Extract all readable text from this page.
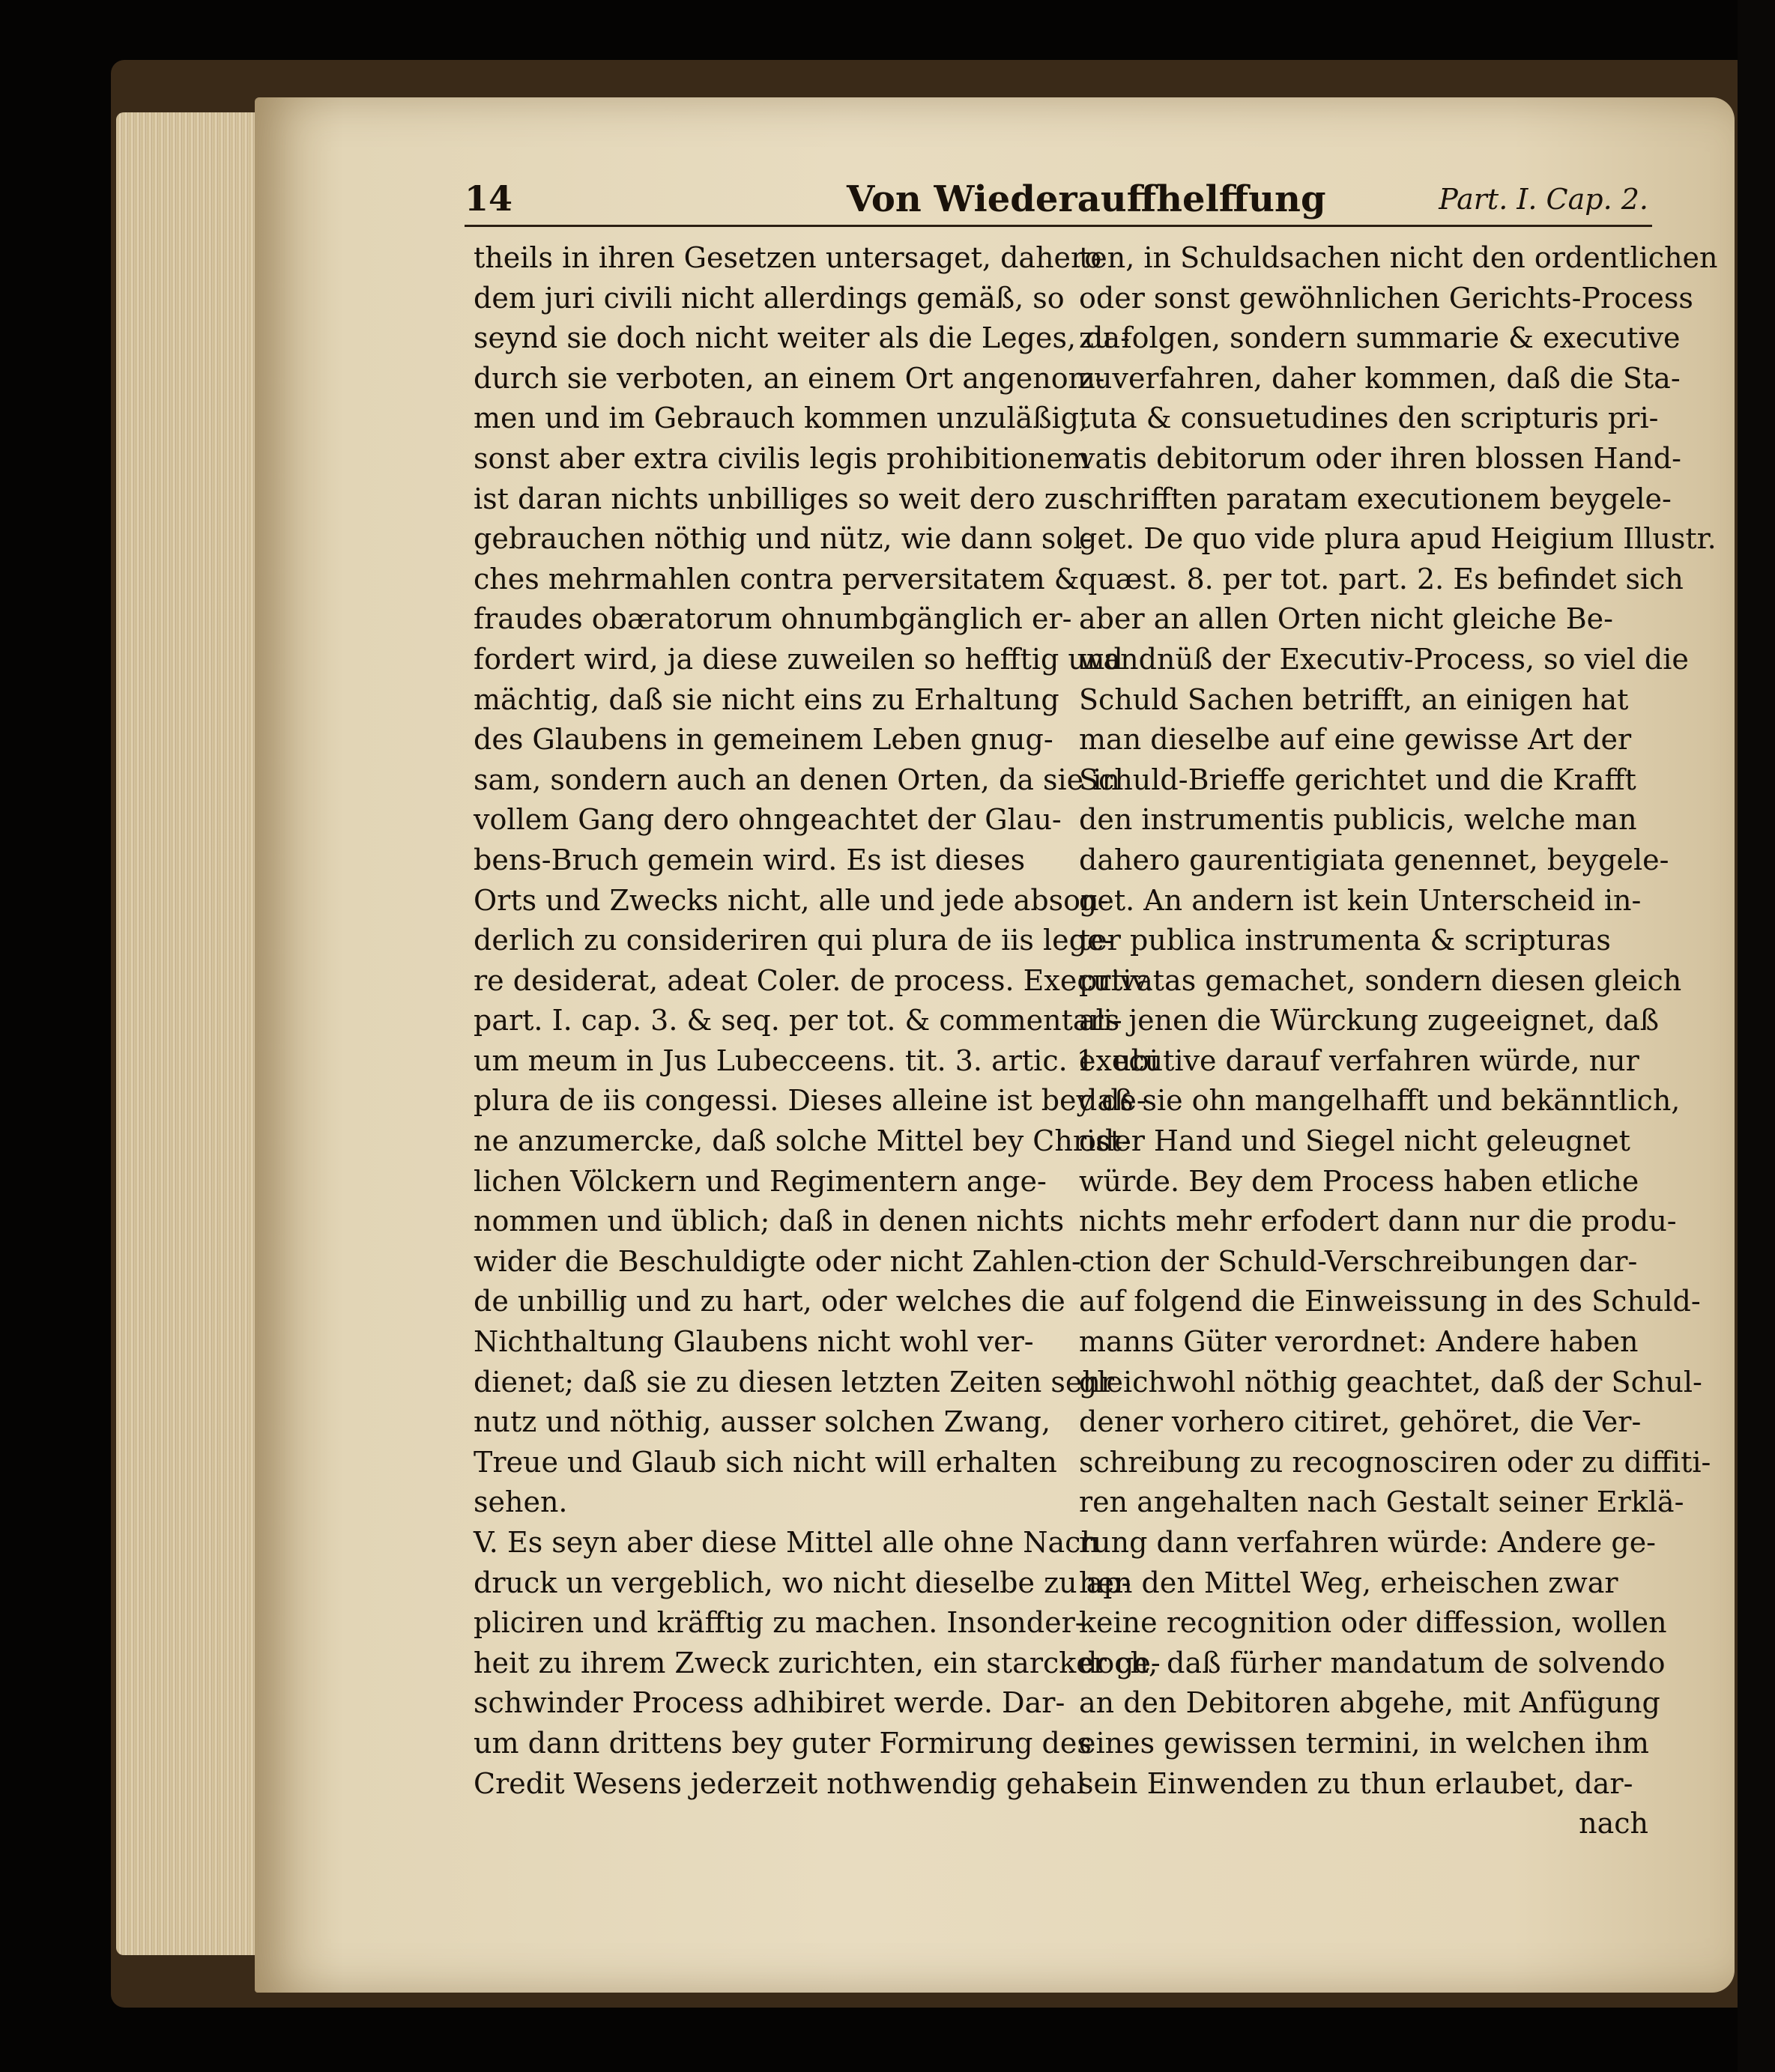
14	Von Wiederauffhelffung	Part. I. Cap. 2.
theils in ihren Gesetzen untersaget, dahero
dem juri civili nicht allerdings gemäß, so
seynd sie doch nicht weiter als die Leges, da-
durch sie verboten, an einem Ort angenom-
men und im Gebrauch kommen unzuläßig,
sonst aber extra civilis legis prohibitionem
ist daran nichts unbilliges so weit dero zu-
gebrauchen nöthig und nütz, wie dann sol-
ches mehrmahlen contra perversitatem &
fraudes obæratorum ohnumbgänglich er-
fordert wird, ja diese zuweilen so hefftig und
mächtig, daß sie nicht eins zu Erhaltung
des Glaubens in gemeinem Leben gnug-
sam, sondern auch an denen Orten, da sie in
vollem Gang dero ohngeachtet der Glau-
bens-Bruch gemein wird. Es ist dieses
Orts und Zwecks nicht, alle und jede abson-
derlich zu consideriren qui plura de iis lege-
re desiderat, adeat Coler. de process. Executiv.
part. I. cap. 3. & seq. per tot. & commentari-
um meum in Jus Lubecceens. tit. 3. artic. 1. ubi
plura de iis congessi. Dieses alleine ist bey de-
ne anzumercke, daß solche Mittel bey Christ-
lichen Völckern und Regimentern ange-
nommen und üblich; daß in denen nichts
wider die Beschuldigte oder nicht Zahlen-
de unbillig und zu hart, oder welches die
Nichthaltung Glaubens nicht wohl ver-
dienet; daß sie zu diesen letzten Zeiten sehr
nutz und nöthig, ausser solchen Zwang,
Treue und Glaub sich nicht will erhalten
sehen.
V. Es seyn aber diese Mittel alle ohne Nach
druck un vergeblich, wo nicht dieselbe zu ap-
pliciren und kräfftig zu machen. Insonder-
heit zu ihrem Zweck zurichten, ein starcker ge-
schwinder Process adhibiret werde. Dar-
um dann drittens bey guter Formirung des
Credit Wesens jederzeit nothwendig gehal
ten, in Schuldsachen nicht den ordentlichen
oder sonst gewöhnlichen Gerichts-Process
zu folgen, sondern summarie & executive
zuverfahren, daher kommen, daß die Sta-
tuta & consuetudines den scripturis pri-
vatis debitorum oder ihren blossen Hand-
schrifften paratam executionem beygele-
get. De quo vide plura apud Heigium Illustr.
quæst. 8. per tot. part. 2. Es befindet sich
aber an allen Orten nicht gleiche Be-
wandnüß der Executiv-Process, so viel die
Schuld Sachen betrifft, an einigen hat
man dieselbe auf eine gewisse Art der
Schuld-Brieffe gerichtet und die Krafft
den instrumentis publicis, welche man
dahero gaurentigiata genennet, beygele-
get. An andern ist kein Unterscheid in-
ter publica instrumenta & scripturas
privatas gemachet, sondern diesen gleich
als jenen die Würckung zugeeignet, daß
executive darauf verfahren würde, nur
daß sie ohn mangelhafft und bekänntlich,
oder Hand und Siegel nicht geleugnet
würde. Bey dem Process haben etliche
nichts mehr erfodert dann nur die produ-
ction der Schuld-Verschreibungen dar-
auf folgend die Einweissung in des Schuld-
manns Güter verordnet: Andere haben
gleichwohl nöthig geachtet, daß der Schul-
dener vorhero citiret, gehöret, die Ver-
schreibung zu recognosciren oder zu diffiti-
ren angehalten nach Gestalt seiner Erklä-
rung dann verfahren würde: Andere ge-
hen den Mittel Weg, erheischen zwar
keine recognition oder diffession, wollen
doch, daß fürher mandatum de solvendo
an den Debitoren abgehe, mit Anfügung
eines gewissen termini, in welchen ihm
sein Einwenden zu thun erlaubet, dar-
nach
